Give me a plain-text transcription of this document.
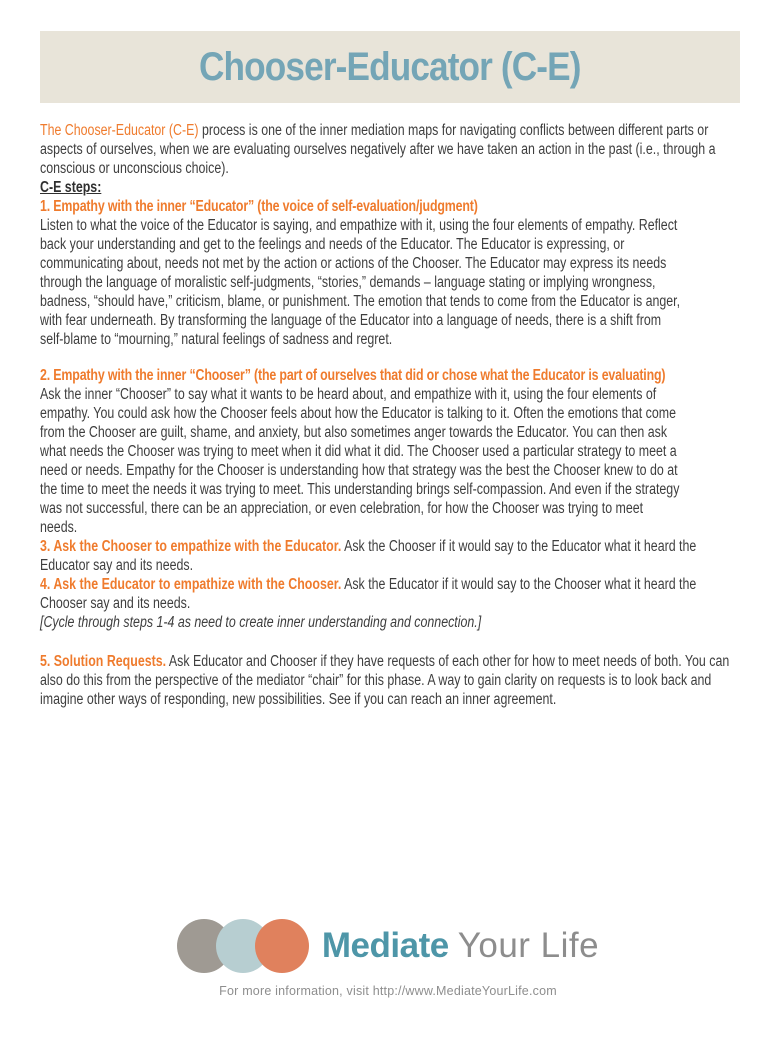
Chooser-Educator (C-E)

The Chooser-Educator (C-E) process is one of the inner mediation maps for navigating conflicts between different parts or aspects of ourselves, when we are evaluating ourselves negatively after we have taken an action in the past (i.e., through a conscious or unconscious choice).

C-E steps:
1. Empathy with the inner “Educator” (the voice of self-evaluation/judgment)

Listen to what the voice of the Educator is saying, and empathize with it, using the four elements of empathy. Reflect back your understanding and get to the feelings and needs of the Educator. The Educator is expressing, or communicating about, needs not met by the action or actions of the Chooser. The Educator may express its needs through the language of moralistic self-judgments, “stories,” demands – language stating or implying wrongness, badness, “should have,” criticism, blame, or punishment. The emotion that tends to come from the Educator is anger, with fear underneath. By transforming the language of the Educator into a language of needs, there is a shift from self-blame to “mourning,” natural feelings of sadness and regret.

2. Empathy with the inner “Chooser” (the part of ourselves that did or chose what the Educator is evaluating)

Ask the inner “Chooser” to say what it wants to be heard about, and empathize with it, using the four elements of empathy. You could ask how the Chooser feels about how the Educator is talking to it. Often the emotions that come from the Chooser are guilt, shame, and anxiety, but also sometimes anger towards the Educator. You can then ask what needs the Chooser was trying to meet when it did what it did. The Chooser used a particular strategy to meet a need or needs. Empathy for the Chooser is understanding how that strategy was the best the Chooser knew to do at the time to meet the needs it was trying to meet. This understanding brings self-compassion. And even if the strategy was not successful, there can be an appreciation, or even celebration, for how the Chooser was trying to meet needs.

3. Ask the Chooser to empathize with the Educator. Ask the Chooser if it would say to the Educator what it heard the Educator say and its needs.

4. Ask the Educator to empathize with the Chooser. Ask the Educator if it would say to the Chooser what it heard the Chooser say and its needs.

[Cycle through steps 1-4 as need to create inner understanding and connection.]

5. Solution Requests. Ask Educator and Chooser if they have requests of each other for how to meet needs of both. You can also do this from the perspective of the mediator “chair” for this phase. A way to gain clarity on requests is to look back and imagine other ways of responding, new possibilities. See if you can reach an inner agreement.

Mediate Your Life
For more information, visit http://www.MediateYourLife.com
